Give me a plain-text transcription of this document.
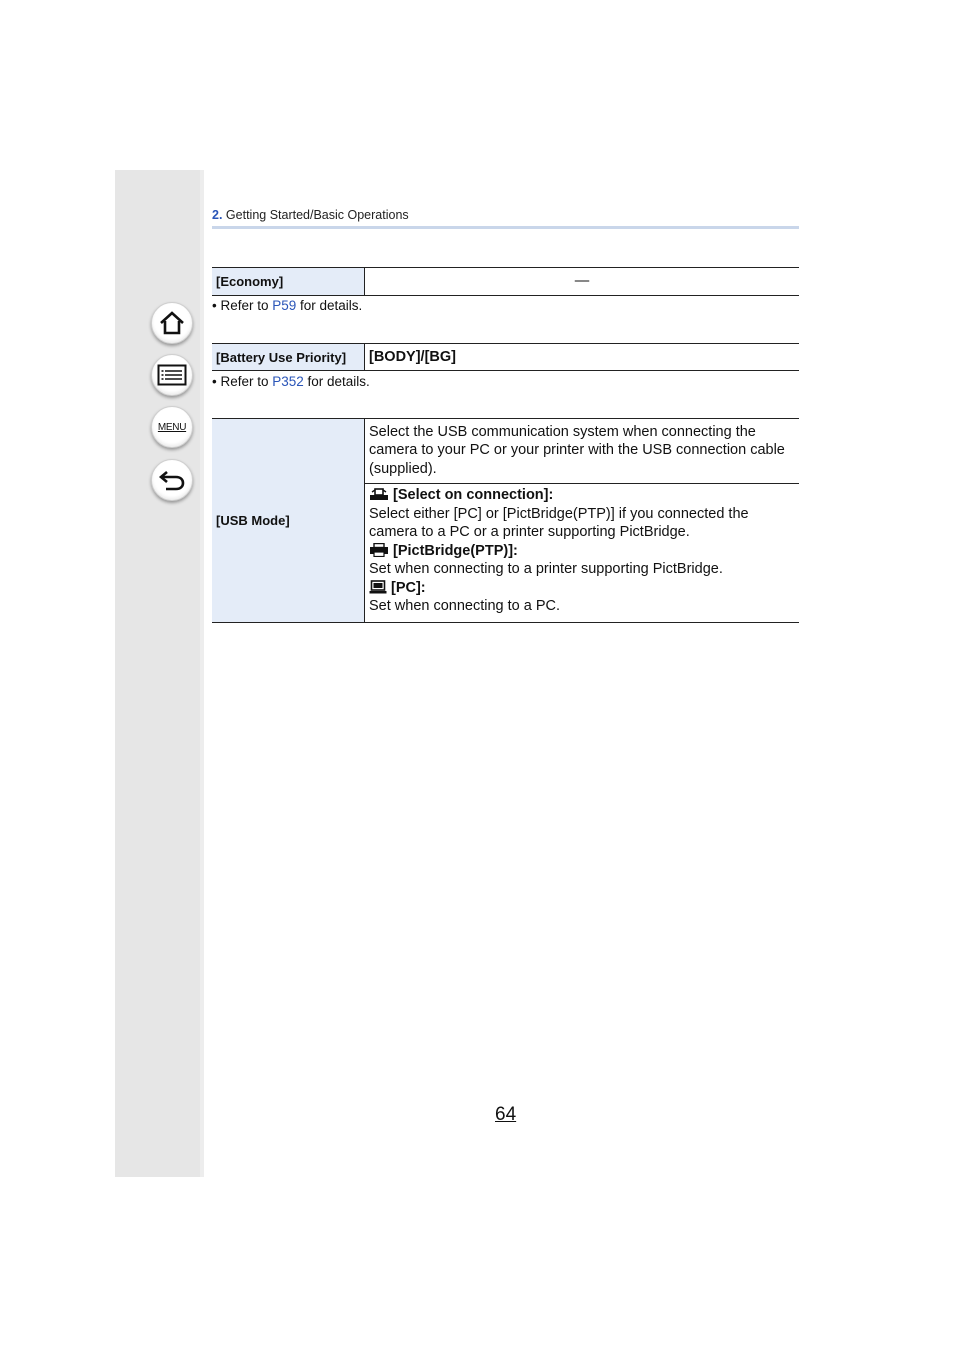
MENU
2. Getting Started/Basic Operations
[Economy]	—
• Refer to P59 for details.
[Battery Use Priority]	[BODY]/[BG]
• Refer to P352 for details.
[USB Mode]	Select the USB communication system when connecting the camera to your PC or your printer with the USB connection cable (supplied).

[Select on connection]:
Select either [PC] or [PictBridge(PTP)] if you connected the camera to a PC or a printer supporting PictBridge.
[PictBridge(PTP)]:
Set when connecting to a printer supporting PictBridge.
[PC]:
Set when connecting to a PC.
64
